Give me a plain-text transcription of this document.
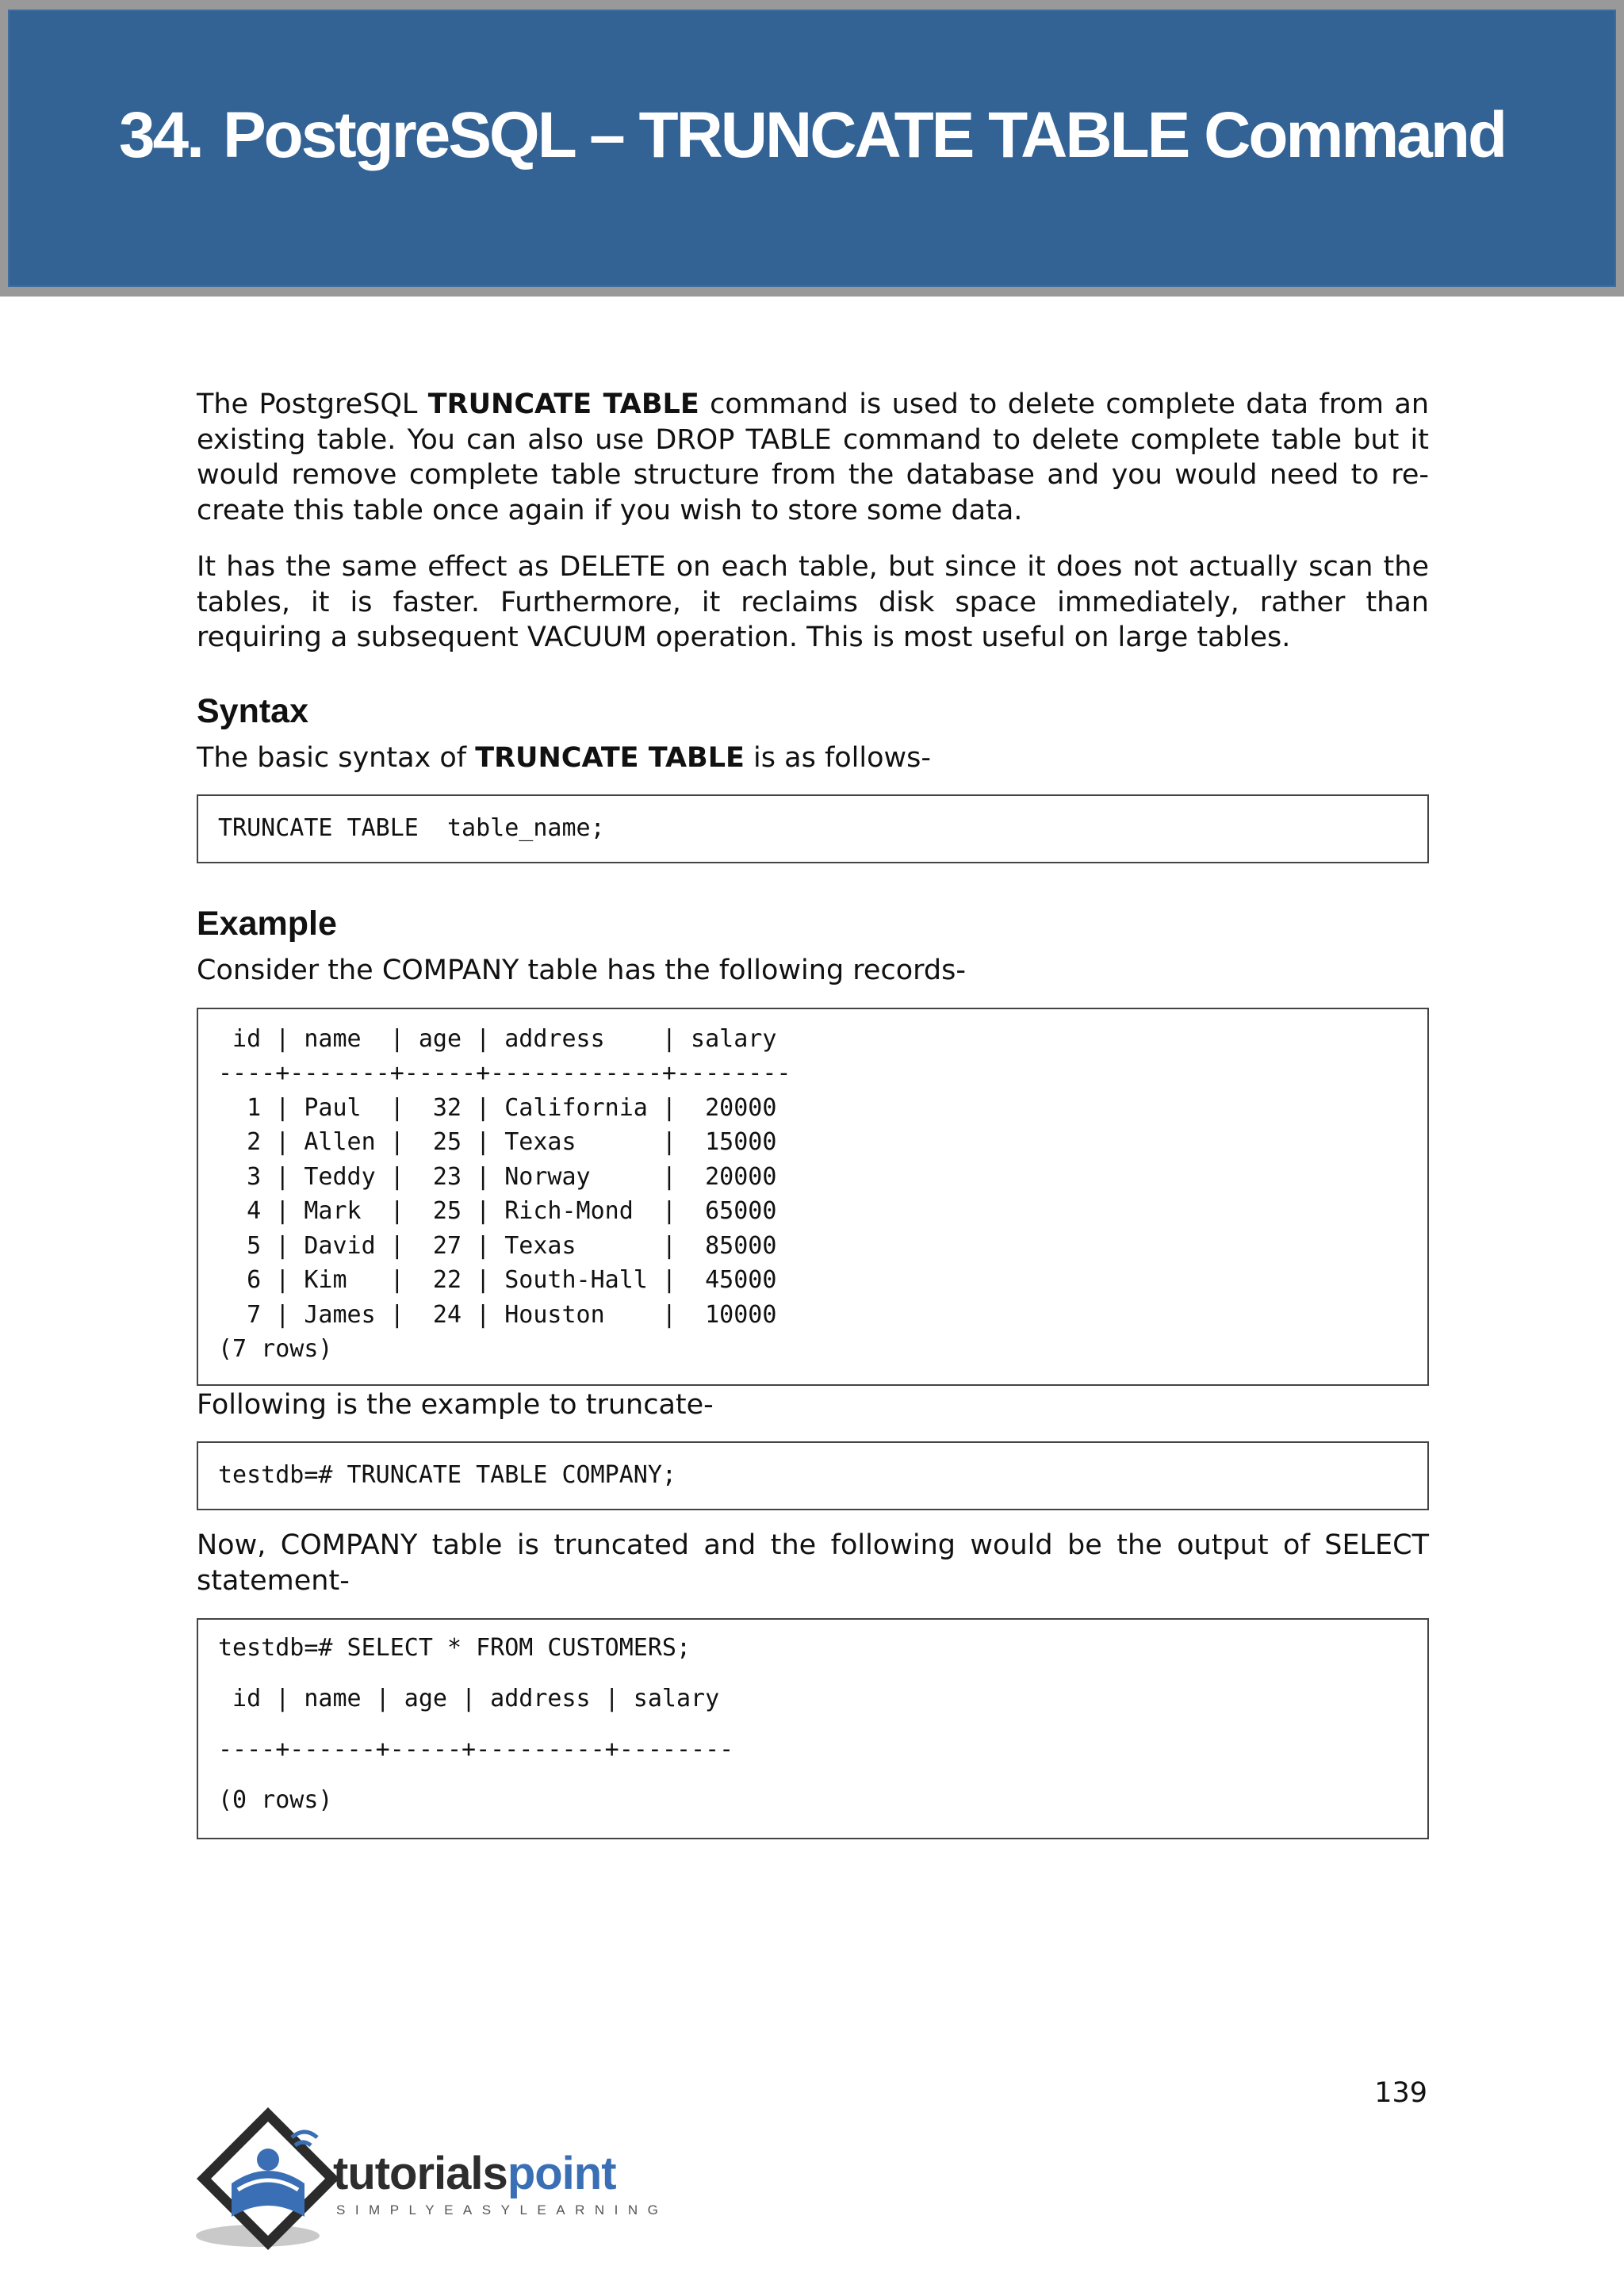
34. PostgreSQL – TRUNCATE TABLE Command

The PostgreSQL TRUNCATE TABLE command is used to delete complete data from an existing table. You can also use DROP TABLE command to delete complete table but it would remove complete table structure from the database and you would need to re-create this table once again if you wish to store some data.

It has the same effect as DELETE on each table, but since it does not actually scan the tables, it is faster. Furthermore, it reclaims disk space immediately, rather than requiring a subsequent VACUUM operation. This is most useful on large tables.

Syntax

The basic syntax of TRUNCATE TABLE is as follows-

TRUNCATE TABLE  table_name;
Example

Consider the COMPANY table has the following records-

id | name  | age | address    | salary
----+-------+-----+------------+--------
1 | Paul  |  32 | California |  20000
2 | Allen |  25 | Texas      |  15000
3 | Teddy |  23 | Norway     |  20000
4 | Mark  |  25 | Rich-Mond  |  65000
5 | David |  27 | Texas      |  85000
6 | Kim   |  22 | South-Hall |  45000
7 | James |  24 | Houston    |  10000
(7 rows)

Following is the example to truncate-

testdb=# TRUNCATE TABLE COMPANY;

Now, COMPANY table is truncated and the following would be the output of SELECT statement-

testdb=# SELECT * FROM CUSTOMERS;
id | name | age | address | salary
----+------+-----+---------+--------
(0 rows)
139
tutorialspoint
SIMPLYEASYLEARNING
